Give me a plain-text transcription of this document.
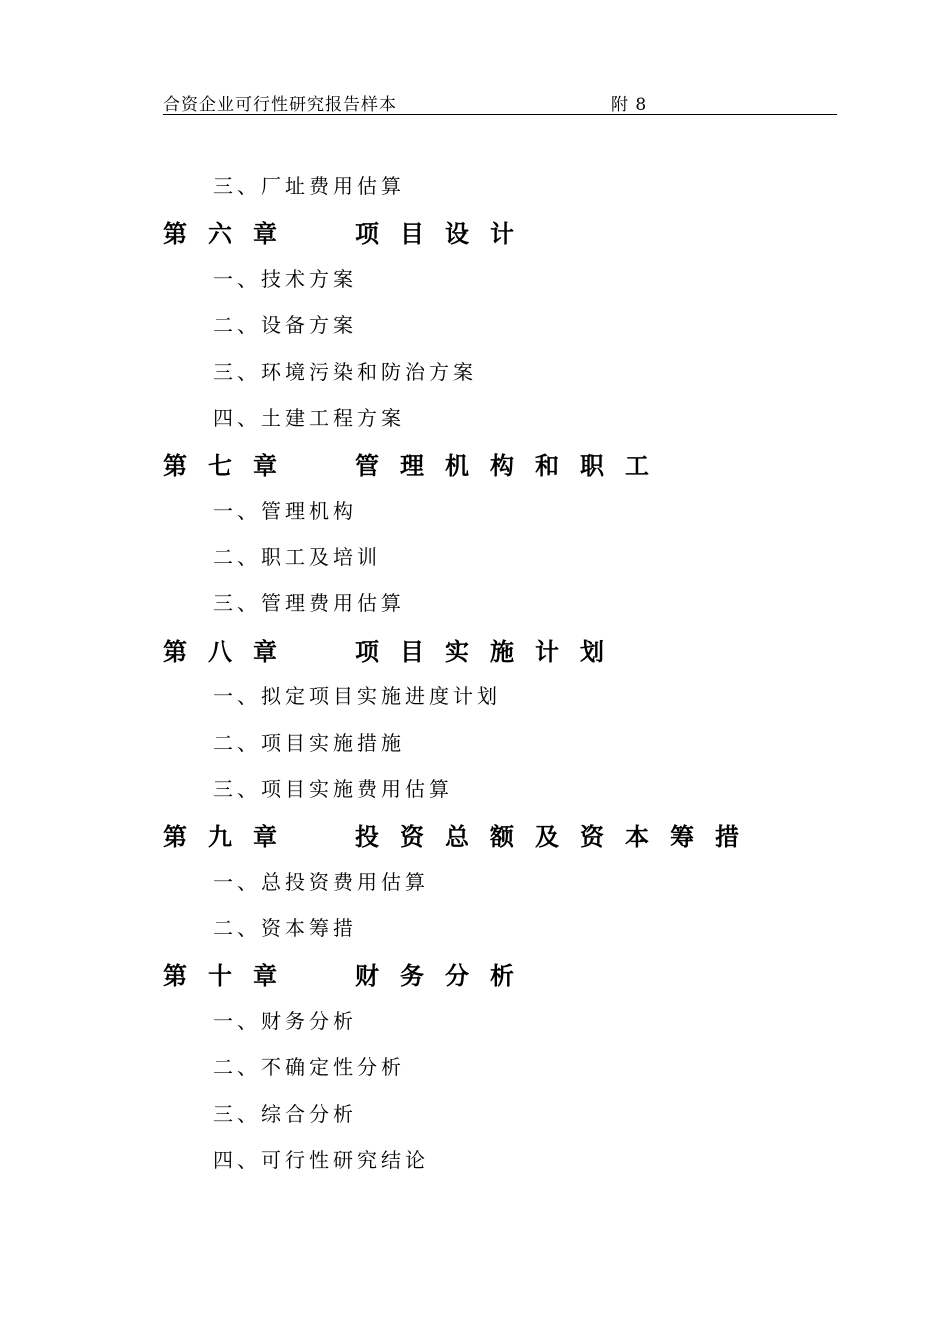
合资企业可行性研究报告样本	附 8
三、厂址费用估算
第六章 项目设计
一、技术方案
二、设备方案
三、环境污染和防治方案
四、土建工程方案
第七章 管理机构和职工
一、管理机构
二、职工及培训
三、管理费用估算
第八章 项目实施计划
一、拟定项目实施进度计划
二、项目实施措施
三、项目实施费用估算
第九章 投资总额及资本筹措
一、总投资费用估算
二、资本筹措
第十章 财务分析
一、财务分析
二、不确定性分析
三、综合分析
四、可行性研究结论
